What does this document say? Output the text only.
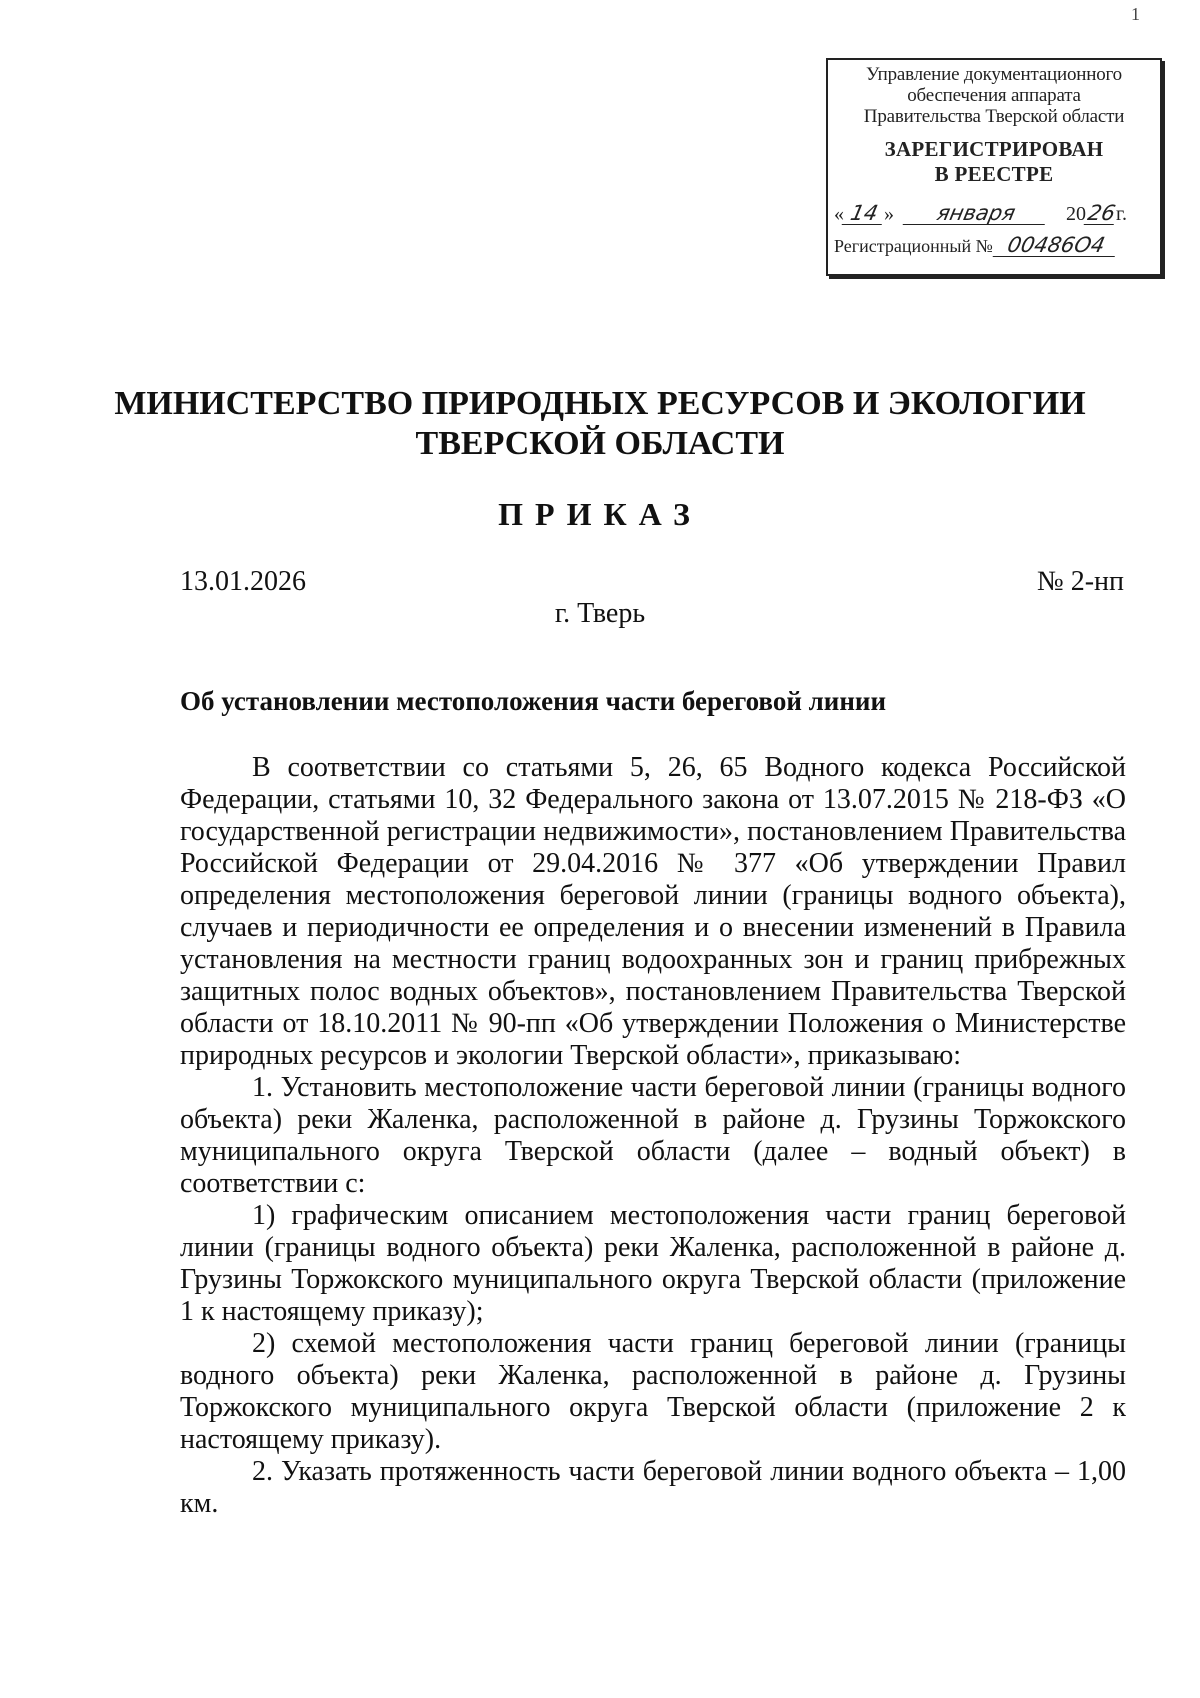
1
Управление документационного
обеспечения аппарата
Правительства Тверской области
ЗАРЕГИСТРИРОВАН
В РЕЕСТРЕ
« 14 » января 2026г.
Регистрационный № 00486О4
МИНИСТЕРСТВО ПРИРОДНЫХ РЕСУРСОВ И ЭКОЛОГИИ
ТВЕРСКОЙ ОБЛАСТИ
ПРИКАЗ
13.01.2026	№ 2-нп
г. Тверь
Об установлении местоположения части береговой линии

В соответствии со статьями 5, 26, 65 Водного кодекса Российской Федерации, статьями 10, 32 Федерального закона от 13.07.2015 № 218-ФЗ «О государственной регистрации недвижимости», постановлением Правительства Российской Федерации от 29.04.2016 № 377 «Об утверждении Правил определения местоположения береговой линии (границы водного объекта), случаев и периодичности ее определения и о внесении изменений в Правила установления на местности границ водоохранных зон и границ прибрежных защитных полос водных объектов», постановлением Правительства Тверской области от 18.10.2011 № 90-пп «Об утверждении Положения о Министерстве природных ресурсов и экологии Тверской области», приказываю:

1. Установить местоположение части береговой линии (границы водного объекта) реки Жаленка, расположенной в районе д. Грузины Торжокского муниципального округа Тверской области (далее – водный объект) в соответствии с:

1) графическим описанием местоположения части границ береговой линии (границы водного объекта) реки Жаленка, расположенной в районе д. Грузины Торжокского муниципального округа Тверской области (приложение 1 к настоящему приказу);

2) схемой местоположения части границ береговой линии (границы водного объекта) реки Жаленка, расположенной в районе д. Грузины Торжокского муниципального округа Тверской области (приложение 2 к настоящему приказу).

2. Указать протяженность части береговой линии водного объекта – 1,00 км.
